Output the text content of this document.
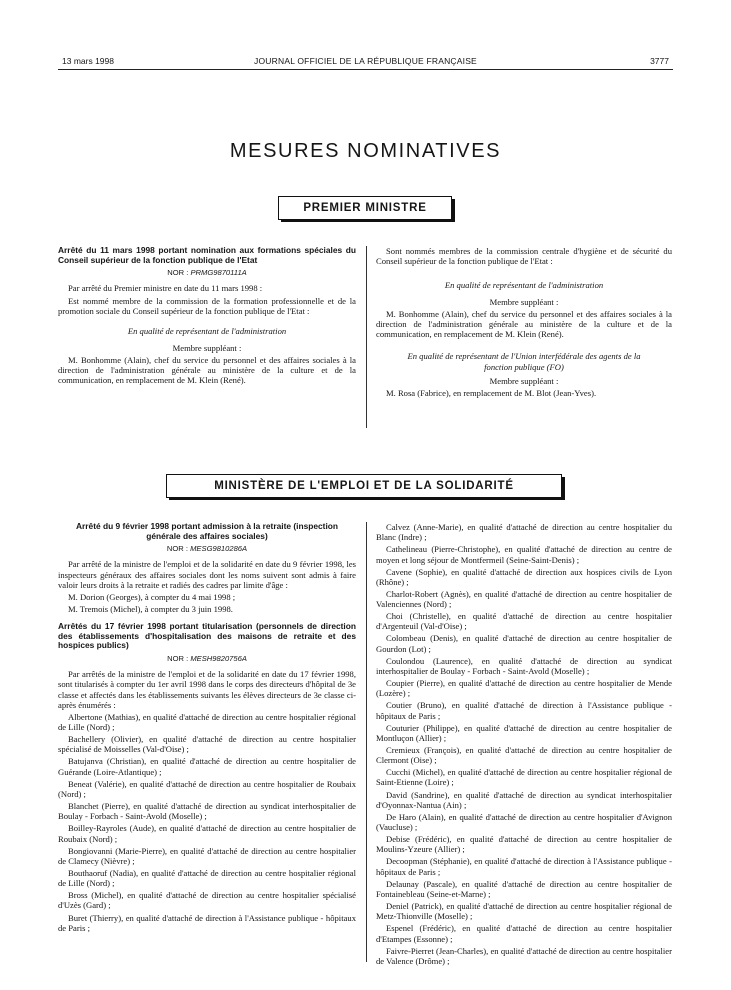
13 mars 1998	JOURNAL OFFICIEL DE LA RÉPUBLIQUE FRANÇAISE	3777
MESURES NOMINATIVES
PREMIER MINISTRE
Arrêté du 11 mars 1998 portant nomination aux formations spéciales du Conseil supérieur de la fonction publique de l'Etat
NOR : PRMG9870111A

Par arrêté du Premier ministre en date du 11 mars 1998 :

Est nommé membre de la commission de la formation professionnelle et de la promotion sociale du Conseil supérieur de la fonction publique de l'Etat :

En qualité de représentant de l'administration
Membre suppléant :

M. Bonhomme (Alain), chef du service du personnel et des affaires sociales à la direction de l'administration générale au ministère de la culture et de la communication, en remplacement de M. Klein (René).

Sont nommés membres de la commission centrale d'hygiène et de sécurité du Conseil supérieur de la fonction publique de l'Etat :

En qualité de représentant de l'administration
Membre suppléant :

M. Bonhomme (Alain), chef du service du personnel et des affaires sociales à la direction de l'administration générale au ministère de la culture et de la communication, en remplacement de M. Klein (René).

En qualité de représentant de l'Union interfédérale des agents de la fonction publique (FO)
Membre suppléant :

M. Rosa (Fabrice), en remplacement de M. Blot (Jean-Yves).

MINISTÈRE DE L'EMPLOI ET DE LA SOLIDARITÉ
Arrêté du 9 février 1998 portant admission à la retraite (inspection générale des affaires sociales)
NOR : MESG9810286A

Par arrêté de la ministre de l'emploi et de la solidarité en date du 9 février 1998, les inspecteurs généraux des affaires sociales dont les noms suivent sont admis à faire valoir leurs droits à la retraite et radiés des cadres par limite d'âge :

M. Dorion (Georges), à compter du 4 mai 1998 ;

M. Tremois (Michel), à compter du 3 juin 1998.

Arrêtés du 17 février 1998 portant titularisation (personnels de direction des établissements d'hospitalisation des maisons de retraite et des hospices publics)
NOR : MESH9820756A

Par arrêtés de la ministre de l'emploi et de la solidarité en date du 17 février 1998, sont titularisés à compter du 1er avril 1998 dans le corps des directeurs d'hôpital de 3e classe et affectés dans les établissements suivants les élèves directeurs de 3e classe ci-après énumérés :

Albertone (Mathias), en qualité d'attaché de direction au centre hospitalier régional de Lille (Nord) ;

Bachellery (Olivier), en qualité d'attaché de direction au centre hospitalier spécialisé de Moisselles (Val-d'Oise) ;

Batujanva (Christian), en qualité d'attaché de direction au centre hospitalier de Guérande (Loire-Atlantique) ;

Beneat (Valérie), en qualité d'attaché de direction au centre hospitalier de Roubaix (Nord) ;

Blanchet (Pierre), en qualité d'attaché de direction au syndicat interhospitalier de Boulay - Forbach - Saint-Avold (Moselle) ;

Boilley-Rayroles (Aude), en qualité d'attaché de direction au centre hospitalier de Roubaix (Nord) ;

Bongiovanni (Marie-Pierre), en qualité d'attaché de direction au centre hospitalier de Clamecy (Nièvre) ;

Bouthaoruf (Nadia), en qualité d'attaché de direction au centre hospitalier régional de Lille (Nord) ;

Bross (Michel), en qualité d'attaché de direction au centre hospitalier spécialisé d'Uzès (Gard) ;

Buret (Thierry), en qualité d'attaché de direction à l'Assistance publique - hôpitaux de Paris ;

Calvez (Anne-Marie), en qualité d'attaché de direction au centre hospitalier du Blanc (Indre) ;

Cathelineau (Pierre-Christophe), en qualité d'attaché de direction au centre de moyen et long séjour de Montfermeil (Seine-Saint-Denis) ;

Cavene (Sophie), en qualité d'attaché de direction aux hospices civils de Lyon (Rhône) ;

Charlot-Robert (Agnès), en qualité d'attaché de direction au centre hospitalier de Valenciennes (Nord) ;

Choi (Christelle), en qualité d'attaché de direction au centre hospitalier d'Argenteuil (Val-d'Oise) ;

Colombeau (Denis), en qualité d'attaché de direction au centre hospitalier de Gourdon (Lot) ;

Coulondou (Laurence), en qualité d'attaché de direction au syndicat interhospitalier de Boulay - Forbach - Saint-Avold (Moselle) ;

Coupier (Pierre), en qualité d'attaché de direction au centre hospitalier de Mende (Lozère) ;

Coutier (Bruno), en qualité d'attaché de direction à l'Assistance publique - hôpitaux de Paris ;

Couturier (Philippe), en qualité d'attaché de direction au centre hospitalier de Montluçon (Allier) ;

Cremieux (François), en qualité d'attaché de direction au centre hospitalier de Clermont (Oise) ;

Cucchi (Michel), en qualité d'attaché de direction au centre hospitalier régional de Saint-Etienne (Loire) ;

David (Sandrine), en qualité d'attaché de direction au syndicat interhospitalier d'Oyonnax-Nantua (Ain) ;

De Haro (Alain), en qualité d'attaché de direction au centre hospitalier d'Avignon (Vaucluse) ;

Debise (Frédéric), en qualité d'attaché de direction au centre hospitalier de Moulins-Yzeure (Allier) ;

Decoopman (Stéphanie), en qualité d'attaché de direction à l'Assistance publique - hôpitaux de Paris ;

Delaunay (Pascale), en qualité d'attaché de direction au centre hospitalier de Fontainebleau (Seine-et-Marne) ;

Deniel (Patrick), en qualité d'attaché de direction au centre hospitalier régional de Metz-Thionville (Moselle) ;

Espenel (Frédéric), en qualité d'attaché de direction au centre hospitalier d'Etampes (Essonne) ;

Faivre-Pierret (Jean-Charles), en qualité d'attaché de direction au centre hospitalier de Valence (Drôme) ;
